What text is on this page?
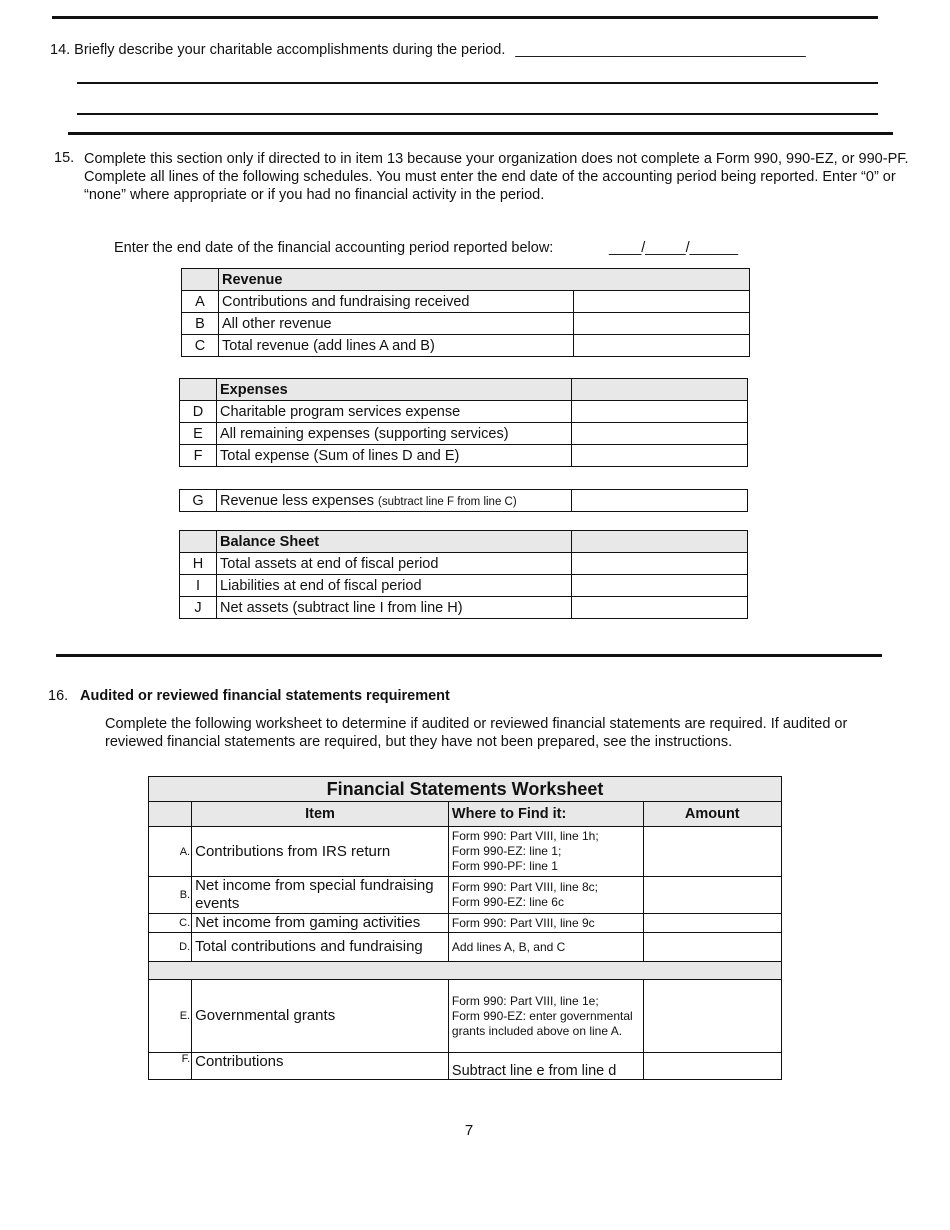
14. Briefly describe your charitable accomplishments during the period. ____________________________________
15. Complete this section only if directed to in item 13 because your organization does not complete a Form 990, 990-EZ, or 990-PF. Complete all lines of the following schedules. You must enter the end date of the accounting period being reported. Enter “0” or “none” where appropriate or if you had no financial activity in the period.
Enter the end date of the financial accounting period reported below:	____/_____/______
	Revenue	
A	Contributions and fundraising received	
B	All other revenue	
C	Total revenue (add lines A and B)	
	Expenses	
D	Charitable program services expense	
E	All remaining expenses (supporting services)	
F	Total expense (Sum of lines D and E)	
G	Revenue less expenses (subtract line F from line C)	
	Balance Sheet	
H	Total assets at end of fiscal period	
I	Liabilities at end of fiscal period	
J	Net assets (subtract line I from line H)	
16. Audited or reviewed financial statements requirement
Complete the following worksheet to determine if audited or reviewed financial statements are required. If audited or reviewed financial statements are required, but they have not been prepared, see the instructions.
Financial Statements Worksheet			
	Item	Where to Find it:	Amount
A.	Contributions from IRS return	Form 990: Part VIII, line 1h;
Form 990-EZ: line 1;
Form 990-PF: line 1	

B.	Net income from special fundraising events	Form 990: Part VIII, line 8c;
Form 990-EZ: line 6c	

C.	Net income from gaming activities	Form 990: Part VIII, line 9c	

D.	Total contributions and fundraising	Add lines A, B, and C	

E.	Governmental grants	Form 990: Part VIII, line 1e;
Form 990-EZ: enter governmental
grants included above on line A.	

F.	Contributions	Subtract line e from line d	

7
